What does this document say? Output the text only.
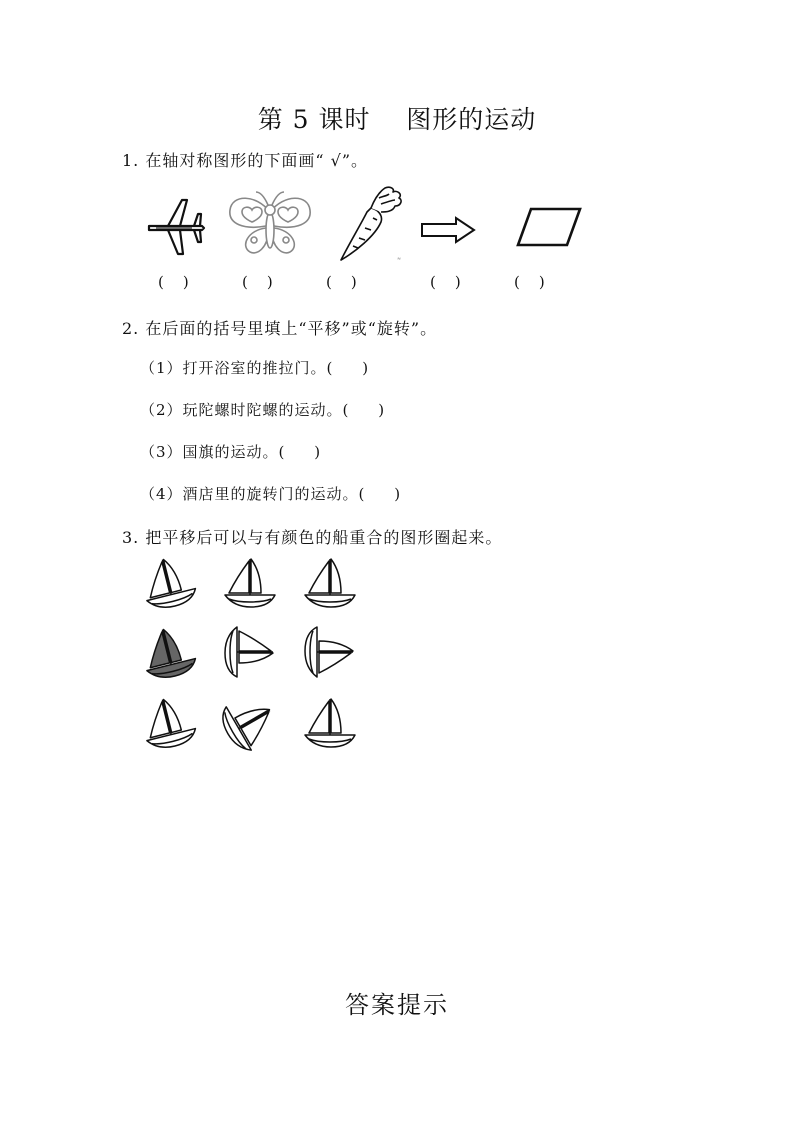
第 5 课时    图形的运动
1. 在轴对称图形的下面画“ √”。
≈
(    )	(    )	(    )	(    )	(    )
2. 在后面的括号里填上“平移”或“旋转”。
（1）打开浴室的推拉门。(     )
（2）玩陀螺时陀螺的运动。(     )
（3）国旗的运动。(     )
（4）酒店里的旋转门的运动。(     )
3. 把平移后可以与有颜色的船重合的图形圈起来。
答案提示
